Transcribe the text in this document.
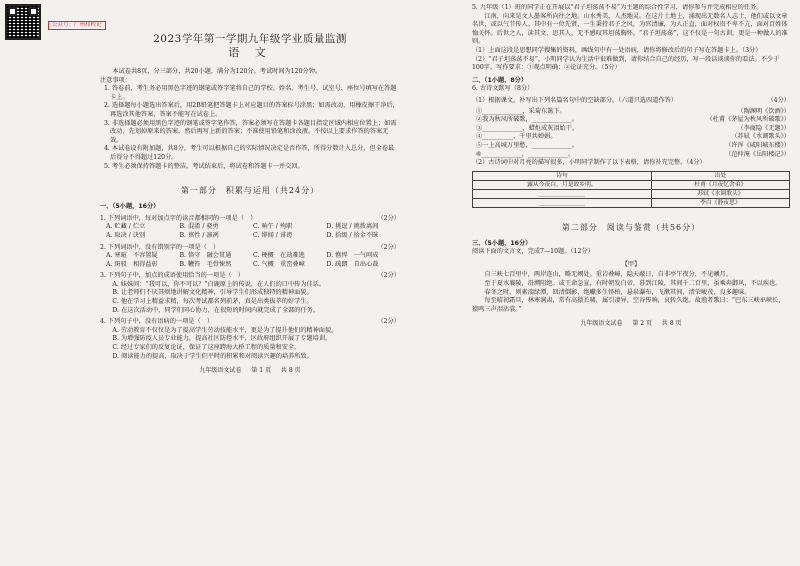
公众号：广州择校论
2023学年第一学期九年级学业质量监测
语 文

本试卷共8页，分三部分，共20小题，满分为120分。考试时间为120分钟。

注意事项：

1. 答卷前，考生务必用黑色字迹的钢笔或签字笔将自己的学校、姓名、考生号、试室号、座位号填写在答题卡上。
2. 选择题每小题选出答案后，用2B铅笔把答题卡上对应题目的答案标号涂黑；如需改动，用橡皮擦干净后，再选涂其他答案，答案不能写在试卷上。
3. 非选择题必须用黑色字迹的钢笔或签字笔作答，答案必须写在答题卡各题目指定区域内相应位置上；如需改动，先划掉原来的答案，然后再写上新的答案；不准使用铅笔和涂改液。不按以上要求作答的答案无效。
4. 本试卷设有附加题，共8分，考生可以根据自己的实际情况决定是否作答，所得分数计入总分，但全卷最后得分不得超过120分。
5. 考生必须保持答题卡的整洁。考试结束后，将试卷和答题卡一并交回。
第一部分　积累与运用（共24分）
一、（5小题，16分）

1. 下列词语中，每对加点字的读音都相同的一项是（　）	（2分）
A. 贮藏 / 伫立	B. 混淆 / 骁勇	C. 晌午 / 殉职	D. 挑逗 / 挑拨离间
A. 取决 / 诀别	B. 禀性 / 凛冽	C. 绯闻 / 诽谤	D. 拾级 / 拾金不昧

2. 下列词语中，没有错别字的一项是（　）	（2分）
A. 寒暄　不容置疑	B. 恪守　融会贯通	C. 梗概　在劫难逃	D. 憔悴　一气呵成
A. 斑驳　相得益彰	B. 鞭笞　毛骨悚然	C. 气概　重峦叠嶂	D. 疏朗　自出心裁

3. 下列句子中，加点的成语使用恰当的一项是（　）	（2分）

A. 妹妹问：“我可以，你不可以？”白鹿原上的传说，在人们的口中传为佳话。

B. 让老师们不厌其烦地讲解文化精神，引导学生们形成独特的精神面貌。

C. 他在学习上精益求精，每次考试都名列前茅，真是出类拔萃的好学生。

D. 在这次活动中，同学们同心协力，在很短的时间内就完成了全部的任务。

4. 下列句子中，没有语病的一项是（　）	（2分）

A. 劳动教育不仅仅是为了提高学生劳动技能水平，更是为了提升他们的精神面貌。

B. 为增强防疫人员专业能力，提高社区防控水平，区政府组织开展了专题培训。

C. 经过专家们的反复论证，保证了这座跨海大桥工程的质量和安全。

D. 阅读能力的提高，取决于学生们平时的积累和对阅读兴趣的培养所致。

九年级语文试卷 第 1 页 共 8 页

5. 九年级（1）班的同学正在开展以“君子坦荡荡不易”为主题的综合性学习，请你参与并完成相应的任务。

江南，向来是文人墨客所向往之地。山水秀美，人杰地灵。在这片土地上，涌现出无数名人志士，他们或以文章名世，或以气节传人。其中有一位先贤，一生秉持君子之风，为官清廉，为人正直，面对权贵不卑不亢，面对百姓体恤关怀。后世之人，读其文、思其人，无不感叹其坦荡胸怀。“君子坦荡荡”，这不仅是一句古训，更是一种做人的准则。

（1）上面这段是思想同学搜集的资料，画线句中有一处语病，请你将修改后的句子写在答题卡上。（3分）

（2）“君子坦荡荡不易”，小明同学认为生活中很难做到，请你结合自己的经历，写一段话谈谈你的看法。不少于100字。写作要求：①观点明确；②论证充分。（5分）

二、（1小题，8分）

6. 古诗文默写（8分）

（1）根据课文，补写出下列名篇名句中的空缺部分。（六道只选四道作答）	（4分）
①_____________，采菊东篱下。	（陶渊明《饮酒》）
②我为秋风所破歌，_____________。	（杜甫《茅屋为秋风所破歌》）
③_____________，蜡炬成灰泪始干。	（李商隐《无题》）
④__________，千里共婵娟。	（苏轼《水调歌头》）
⑤一上高城万里愁，_____________。	（许浑《咸阳城东楼》）
⑥_____________，_____________。	（范仲淹《岳阳楼记》）

（2）古诗词中对月亮的描写很多，小明同学制作了以下表格，请你补充完整。（4分）

诗句	出处
露从今夜白，月是故乡明。	杜甫《月夜忆舍弟》
________________	苏轼《水调歌头》
________________	李白《静夜思》
第二部分　阅读与鉴赏（共56分）
三、（5小题，16分）

阅读下面的文言文，完成7—10题。（12分）

【甲】

自三峡七百里中，两岸连山，略无阙处。重岩叠嶂，隐天蔽日，自非亭午夜分，不见曦月。

至于夏水襄陵，沿溯阻绝。或王命急宣，有时朝发白帝，暮到江陵，其间千二百里，虽乘奔御风，不以疾也。

春冬之时，则素湍绿潭，回清倒影，绝巘多生怪柏，悬泉瀑布，飞漱其间，清荣峻茂，良多趣味。

每至晴初霜旦，林寒涧肃，常有高猿长啸，属引凄异，空谷传响，哀转久绝。故渔者歌曰：“巴东三峡巫峡长，猿鸣三声泪沾裳。”

九年级语文试卷 第 2 页 共 8 页
